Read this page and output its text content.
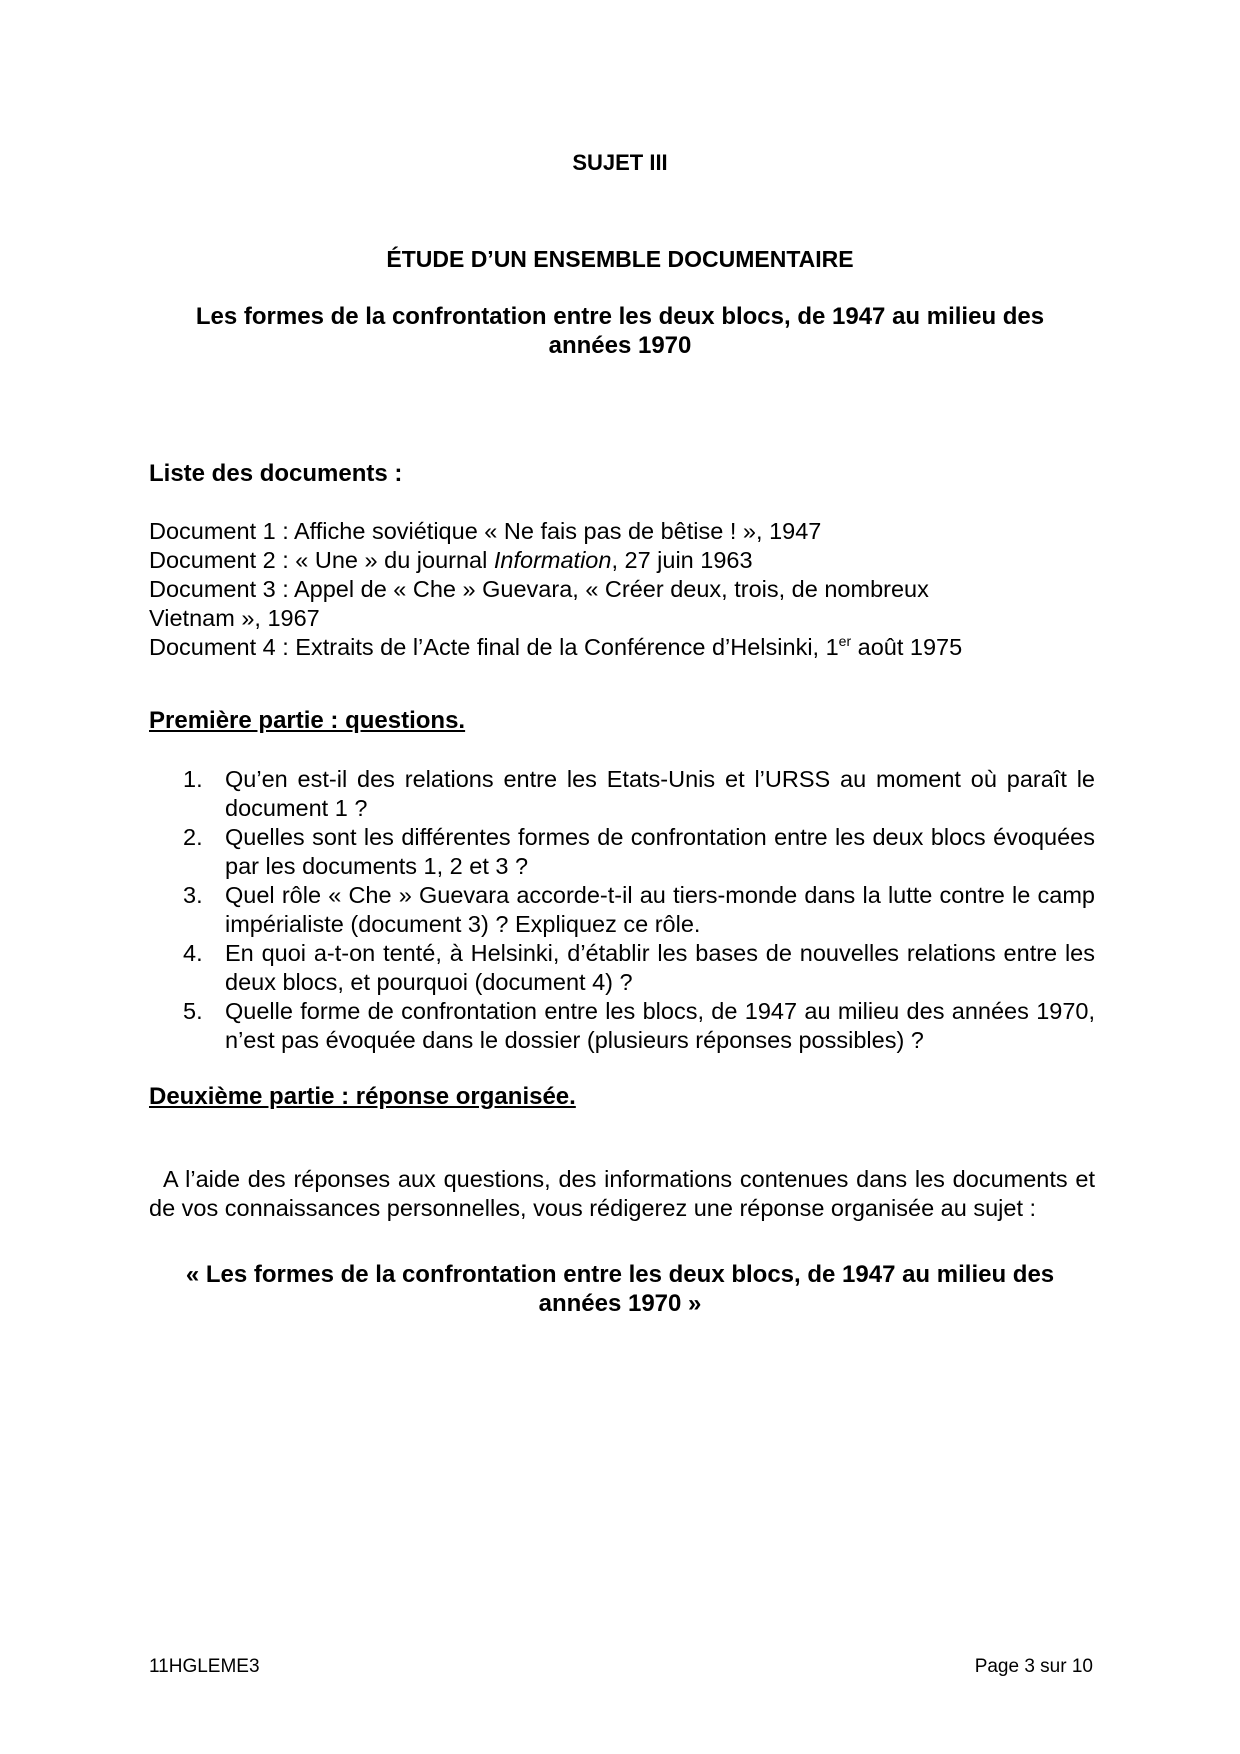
SUJET III
ÉTUDE D’UN ENSEMBLE DOCUMENTAIRE
Les formes de la confrontation entre les deux blocs, de 1947 au milieu des
années 1970
Liste des documents :
Document 1 : Affiche soviétique « Ne fais pas de bêtise ! », 1947
Document 2 : « Une » du journal Information, 27 juin 1963
Document 3 : Appel de « Che » Guevara, « Créer deux, trois, de nombreux
Vietnam », 1967
Document 4 : Extraits de l’Acte final de la Conférence d’Helsinki, 1er août 1975
Première partie : questions.
1. Qu’en est-il des relations entre les Etats-Unis et l’URSS au moment où paraît le document 1 ?
2. Quelles sont les différentes formes de confrontation entre les deux blocs évoquées par les documents 1, 2 et 3 ?
3. Quel rôle « Che » Guevara accorde-t-il au tiers-monde dans la lutte contre le camp impérialiste (document 3) ? Expliquez ce rôle.
4. En quoi a-t-on tenté, à Helsinki, d’établir les bases de nouvelles relations entre les deux blocs, et pourquoi (document 4) ?
5. Quelle forme de confrontation entre les blocs, de 1947 au milieu des années 1970, n’est pas évoquée dans le dossier (plusieurs réponses possibles) ?
Deuxième partie : réponse organisée.

A l’aide des réponses aux questions, des informations contenues dans les documents et de vos connaissances personnelles, vous rédigerez une réponse organisée au sujet :

« Les formes de la confrontation entre les deux blocs, de 1947 au milieu des
années 1970 »
11HGLEME3	Page 3 sur 10
